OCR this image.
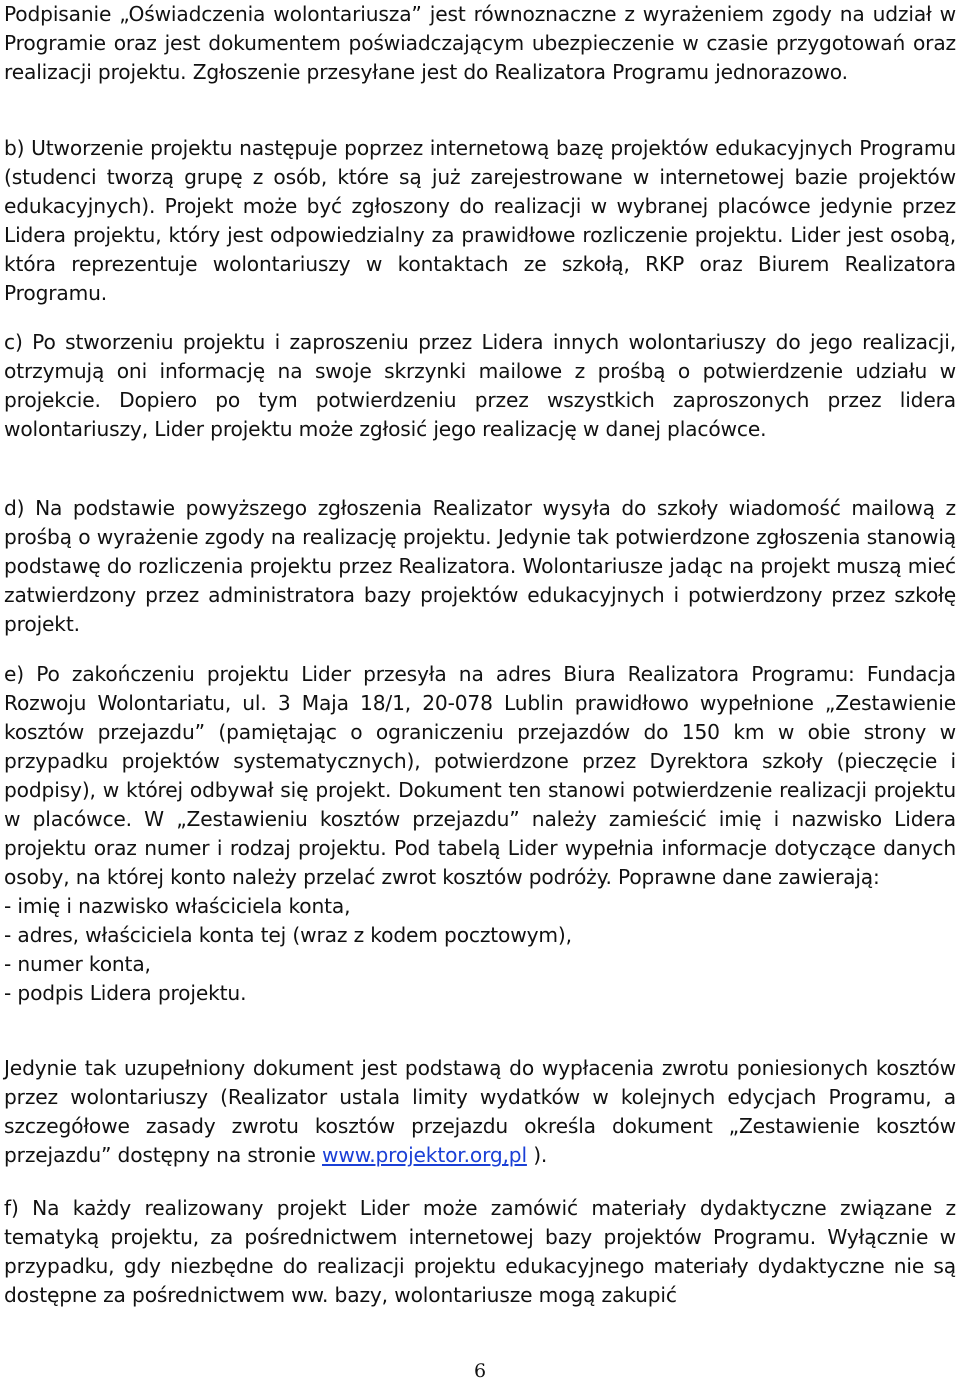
Podpisanie „Oświadczenia wolontariusza” jest równoznaczne z wyrażeniem zgody na udział w Programie oraz jest dokumentem poświadczającym ubezpieczenie w czasie przygotowań oraz realizacji projektu. Zgłoszenie przesyłane jest do Realizatora Programu jednorazowo.

b) Utworzenie projektu następuje poprzez internetową bazę projektów edukacyjnych Programu (studenci tworzą grupę z osób, które są już zarejestrowane w internetowej bazie projektów edukacyjnych). Projekt może być zgłoszony do realizacji w wybranej placówce jedynie przez Lidera projektu, który jest odpowiedzialny za prawidłowe rozliczenie projektu. Lider jest osobą, która reprezentuje wolontariuszy w kontaktach ze szkołą, RKP oraz Biurem Realizatora Programu.

c) Po stworzeniu projektu i zaproszeniu przez Lidera innych wolontariuszy do jego realizacji, otrzymują oni informację na swoje skrzynki mailowe z prośbą o potwierdzenie udziału w projekcie. Dopiero po tym potwierdzeniu przez wszystkich zaproszonych przez lidera wolontariuszy, Lider projektu może zgłosić jego realizację w danej placówce.

d) Na podstawie powyższego zgłoszenia Realizator wysyła do szkoły wiadomość mailową z prośbą o wyrażenie zgody na realizację projektu. Jedynie tak potwierdzone zgłoszenia stanowią podstawę do rozliczenia projektu przez Realizatora. Wolontariusze jadąc na projekt muszą mieć zatwierdzony przez administratora bazy projektów edukacyjnych i potwierdzony przez szkołę projekt.

e) Po zakończeniu projektu Lider przesyła na adres Biura Realizatora Programu: Fundacja Rozwoju Wolontariatu, ul. 3 Maja 18/1, 20-078 Lublin prawidłowo wypełnione „Zestawienie kosztów przejazdu” (pamiętając o ograniczeniu przejazdów do 150 km w obie strony w przypadku projektów systematycznych), potwierdzone przez Dyrektora szkoły (pieczęcie i podpisy), w której odbywał się projekt. Dokument ten stanowi potwierdzenie realizacji projektu w placówce. W „Zestawieniu kosztów przejazdu” należy zamieścić imię i nazwisko Lidera projektu oraz numer i rodzaj projektu. Pod tabelą Lider wypełnia informacje dotyczące danych osoby, na której konto należy przelać zwrot kosztów podróży. Poprawne dane zawierają:

- imię i nazwisko właściciela konta,
- adres, właściciela konta tej (wraz z kodem pocztowym),
- numer konta,
- podpis Lidera projektu.

Jedynie tak uzupełniony dokument jest podstawą do wypłacenia zwrotu poniesionych kosztów przez wolontariuszy (Realizator ustala limity wydatków w kolejnych edycjach Programu, a szczegółowe zasady zwrotu kosztów przejazdu określa dokument „Zestawienie kosztów przejazdu” dostępny na stronie www.projektor.org,pl ).

f) Na każdy realizowany projekt Lider może zamówić materiały dydaktyczne związane z tematyką projektu, za pośrednictwem internetowej bazy projektów Programu. Wyłącznie w przypadku, gdy niezbędne do realizacji projektu edukacyjnego materiały dydaktyczne nie są dostępne za pośrednictwem ww. bazy, wolontariusze mogą zakupić

6
